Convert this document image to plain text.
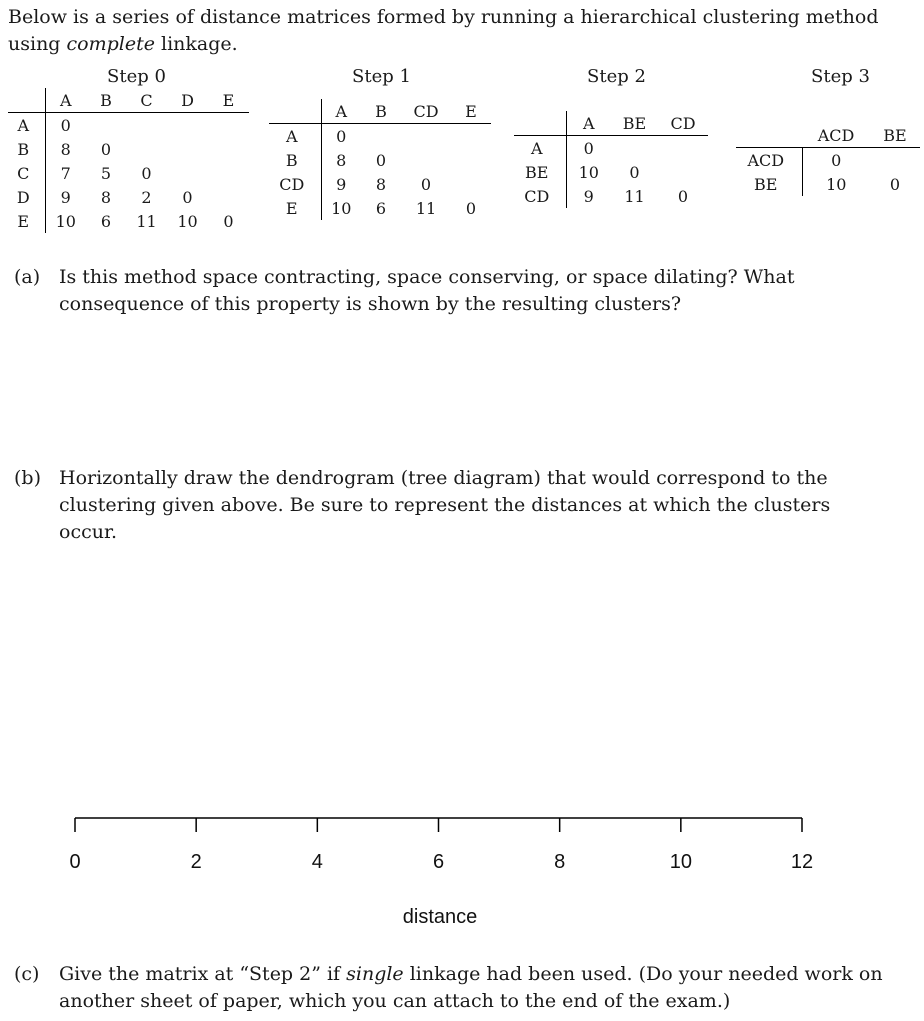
Below is a series of distance matrices formed by running a hierarchical clustering method using complete linkage.
Step 0	Step 1	Step 2	Step 3
	A	B	C	D	E
A	0				
B	8	0			
C	7	5	0		
D	9	8	2	0	
E	10	6	11	10	0
	A	B	CD	E
A	0			
B	8	0		
CD	9	8	0	
E	10	6	11	0
	A	BE	CD
A	0		
BE	10	0	
CD	9	11	0
	ACD	BE
ACD	0	
BE	10	0
(a) Is this method space contracting, space conserving, or space dilating? What consequence of this property is shown by the resulting clusters?
(b) Horizontally draw the dendrogram (tree diagram) that would correspond to the clustering given above. Be sure to represent the distances at which the clusters occur.
0	2	4	6	8	10	12
distance
(c) Give the matrix at “Step 2” if single linkage had been used. (Do your needed work on another sheet of paper, which you can attach to the end of the exam.)
